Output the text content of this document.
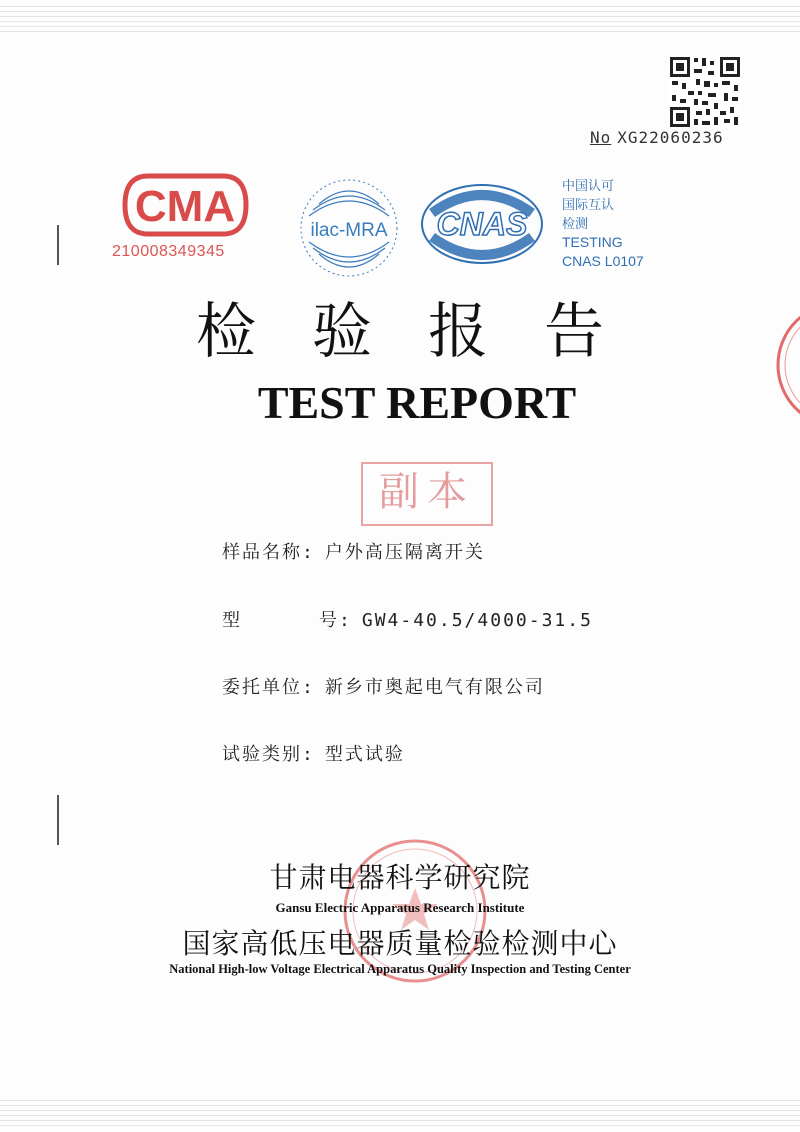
No XG22060236
CMA
210008349345
ilac-MRA CNAS
中国认可
国际互认
检测
TESTING
CNAS L0107
检验报告
TEST REPORT
副本
样品名称: 户外高压隔离开关
型      号: GW4-40.5/4000-31.5
委托单位: 新乡市奥起电气有限公司
试验类别: 型式试验
甘肃电器科学研究院
Gansu Electric Apparatus Research Institute
国家高低压电器质量检验检测中心
National High-low Voltage Electrical Apparatus Quality Inspection and Testing Center
